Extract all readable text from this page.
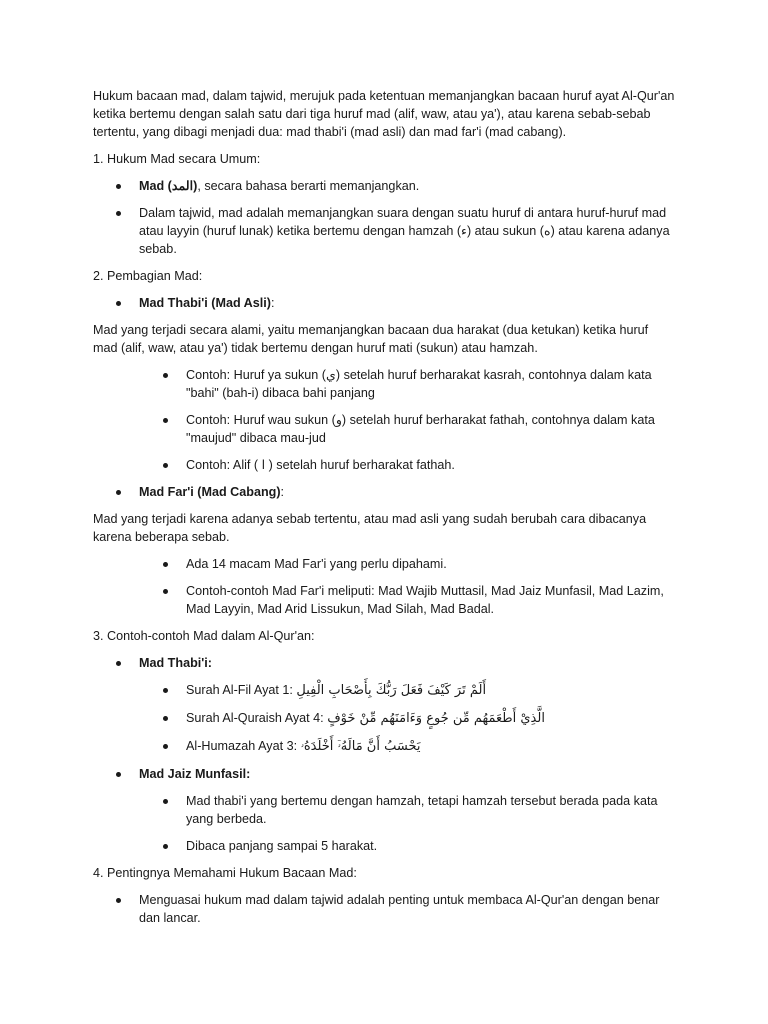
Hukum bacaan mad, dalam tajwid, merujuk pada ketentuan memanjangkan bacaan huruf ayat Al-Qur'an ketika bertemu dengan salah satu dari tiga huruf mad (alif, waw, atau ya'), atau karena sebab-sebab tertentu, yang dibagi menjadi dua: mad thabi'i (mad asli) dan mad far'i (mad cabang).

1. Hukum Mad secara Umum:

Mad (المد), secara bahasa berarti memanjangkan.
Dalam tajwid, mad adalah memanjangkan suara dengan suatu huruf di antara huruf-huruf mad atau layyin (huruf lunak) ketika bertemu dengan hamzah (ء) atau sukun (ه) atau karena adanya sebab.

2. Pembagian Mad:

Mad Thabi'i (Mad Asli):

Mad yang terjadi secara alami, yaitu memanjangkan bacaan dua harakat (dua ketukan) ketika huruf mad (alif, waw, atau ya') tidak bertemu dengan huruf mati (sukun) atau hamzah.

Contoh: Huruf ya sukun (ي) setelah huruf berharakat kasrah, contohnya dalam kata "bahi" (bah-i) dibaca bahi panjang
Contoh: Huruf wau sukun (و) setelah huruf berharakat fathah, contohnya dalam kata "maujud" dibaca mau-jud
Contoh: Alif ( ا ) setelah huruf berharakat fathah.
Mad Far'i (Mad Cabang):

Mad yang terjadi karena adanya sebab tertentu, atau mad asli yang sudah berubah cara dibacanya karena beberapa sebab.

Ada 14 macam Mad Far'i yang perlu dipahami.
Contoh-contoh Mad Far'i meliputi: Mad Wajib Muttasil, Mad Jaiz Munfasil, Mad Lazim, Mad Layyin, Mad Arid Lissukun, Mad Silah, Mad Badal.

3. Contoh-contoh Mad dalam Al-Qur'an:

Mad Thabi'i:
Surah Al-Fil Ayat 1: أَلَمْ تَرَ كَيْفَ فَعَلَ رَبُّكَ بِأَصْحَابِ الْفِيلِ
Surah Al-Quraish Ayat 4: الَّذِيْ أَطْعَمَهُم مِّن جُوعٍ وَءَامَنَهُم مِّنْ خَوْفٍ
Al-Humazah Ayat 3: يَحْسَبُ أَنَّ مَالَهُۥٓ أَخْلَدَهُۥ
Mad Jaiz Munfasil:
Mad thabi'i yang bertemu dengan hamzah, tetapi hamzah tersebut berada pada kata yang berbeda.
Dibaca panjang sampai 5 harakat.

4. Pentingnya Memahami Hukum Bacaan Mad:

Menguasai hukum mad dalam tajwid adalah penting untuk membaca Al-Qur'an dengan benar dan lancar.
